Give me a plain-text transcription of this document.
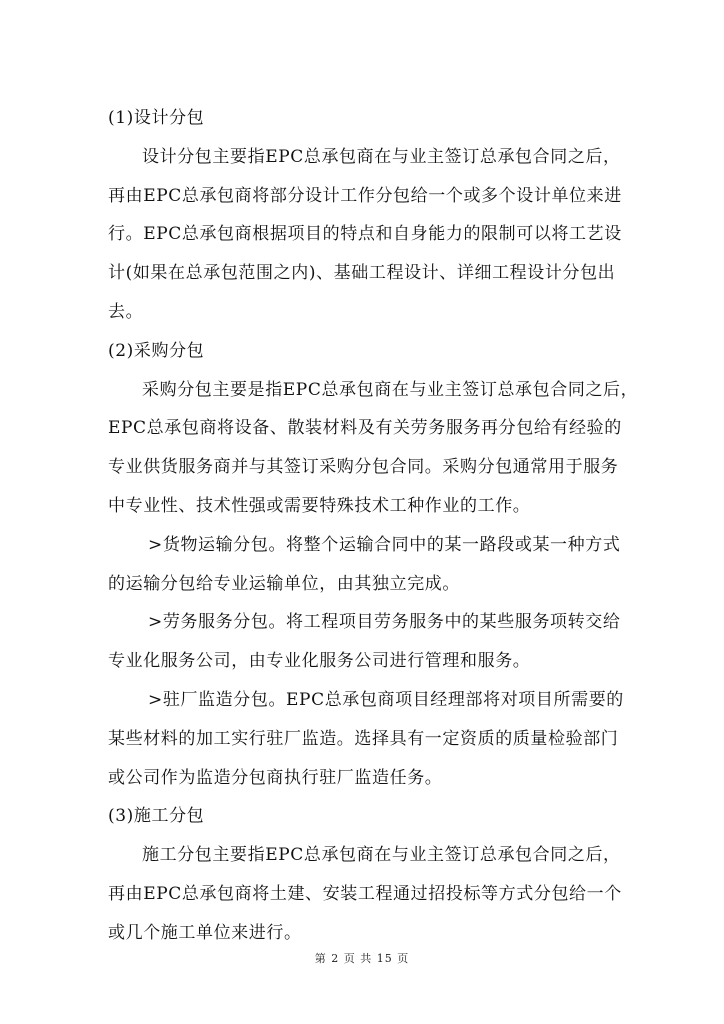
(1)设计分包
设计分包主要指EPC总承包商在与业主签订总承包合同之后，
再由EPC总承包商将部分设计工作分包给一个或多个设计单位来进
行。EPC总承包商根据项目的特点和自身能力的限制可以将工艺设
计(如果在总承包范围之内)、基础工程设计、详细工程设计分包出
去。
(2)采购分包
采购分包主要是指EPC总承包商在与业主签订总承包合同之后，
EPC总承包商将设备、散装材料及有关劳务服务再分包给有经验的
专业供货服务商并与其签订采购分包合同。采购分包通常用于服务
中专业性、技术性强或需要特殊技术工种作业的工作。
>货物运输分包。将整个运输合同中的某一路段或某一种方式
的运输分包给专业运输单位，由其独立完成。
>劳务服务分包。将工程项目劳务服务中的某些服务项转交给
专业化服务公司，由专业化服务公司进行管理和服务。
>驻厂监造分包。EPC总承包商项目经理部将对项目所需要的
某些材料的加工实行驻厂监造。选择具有一定资质的质量检验部门
或公司作为监造分包商执行驻厂监造任务。
(3)施工分包
施工分包主要指EPC总承包商在与业主签订总承包合同之后，
再由EPC总承包商将土建、安装工程通过招投标等方式分包给一个
或几个施工单位来进行。
第 2 页 共 15 页
